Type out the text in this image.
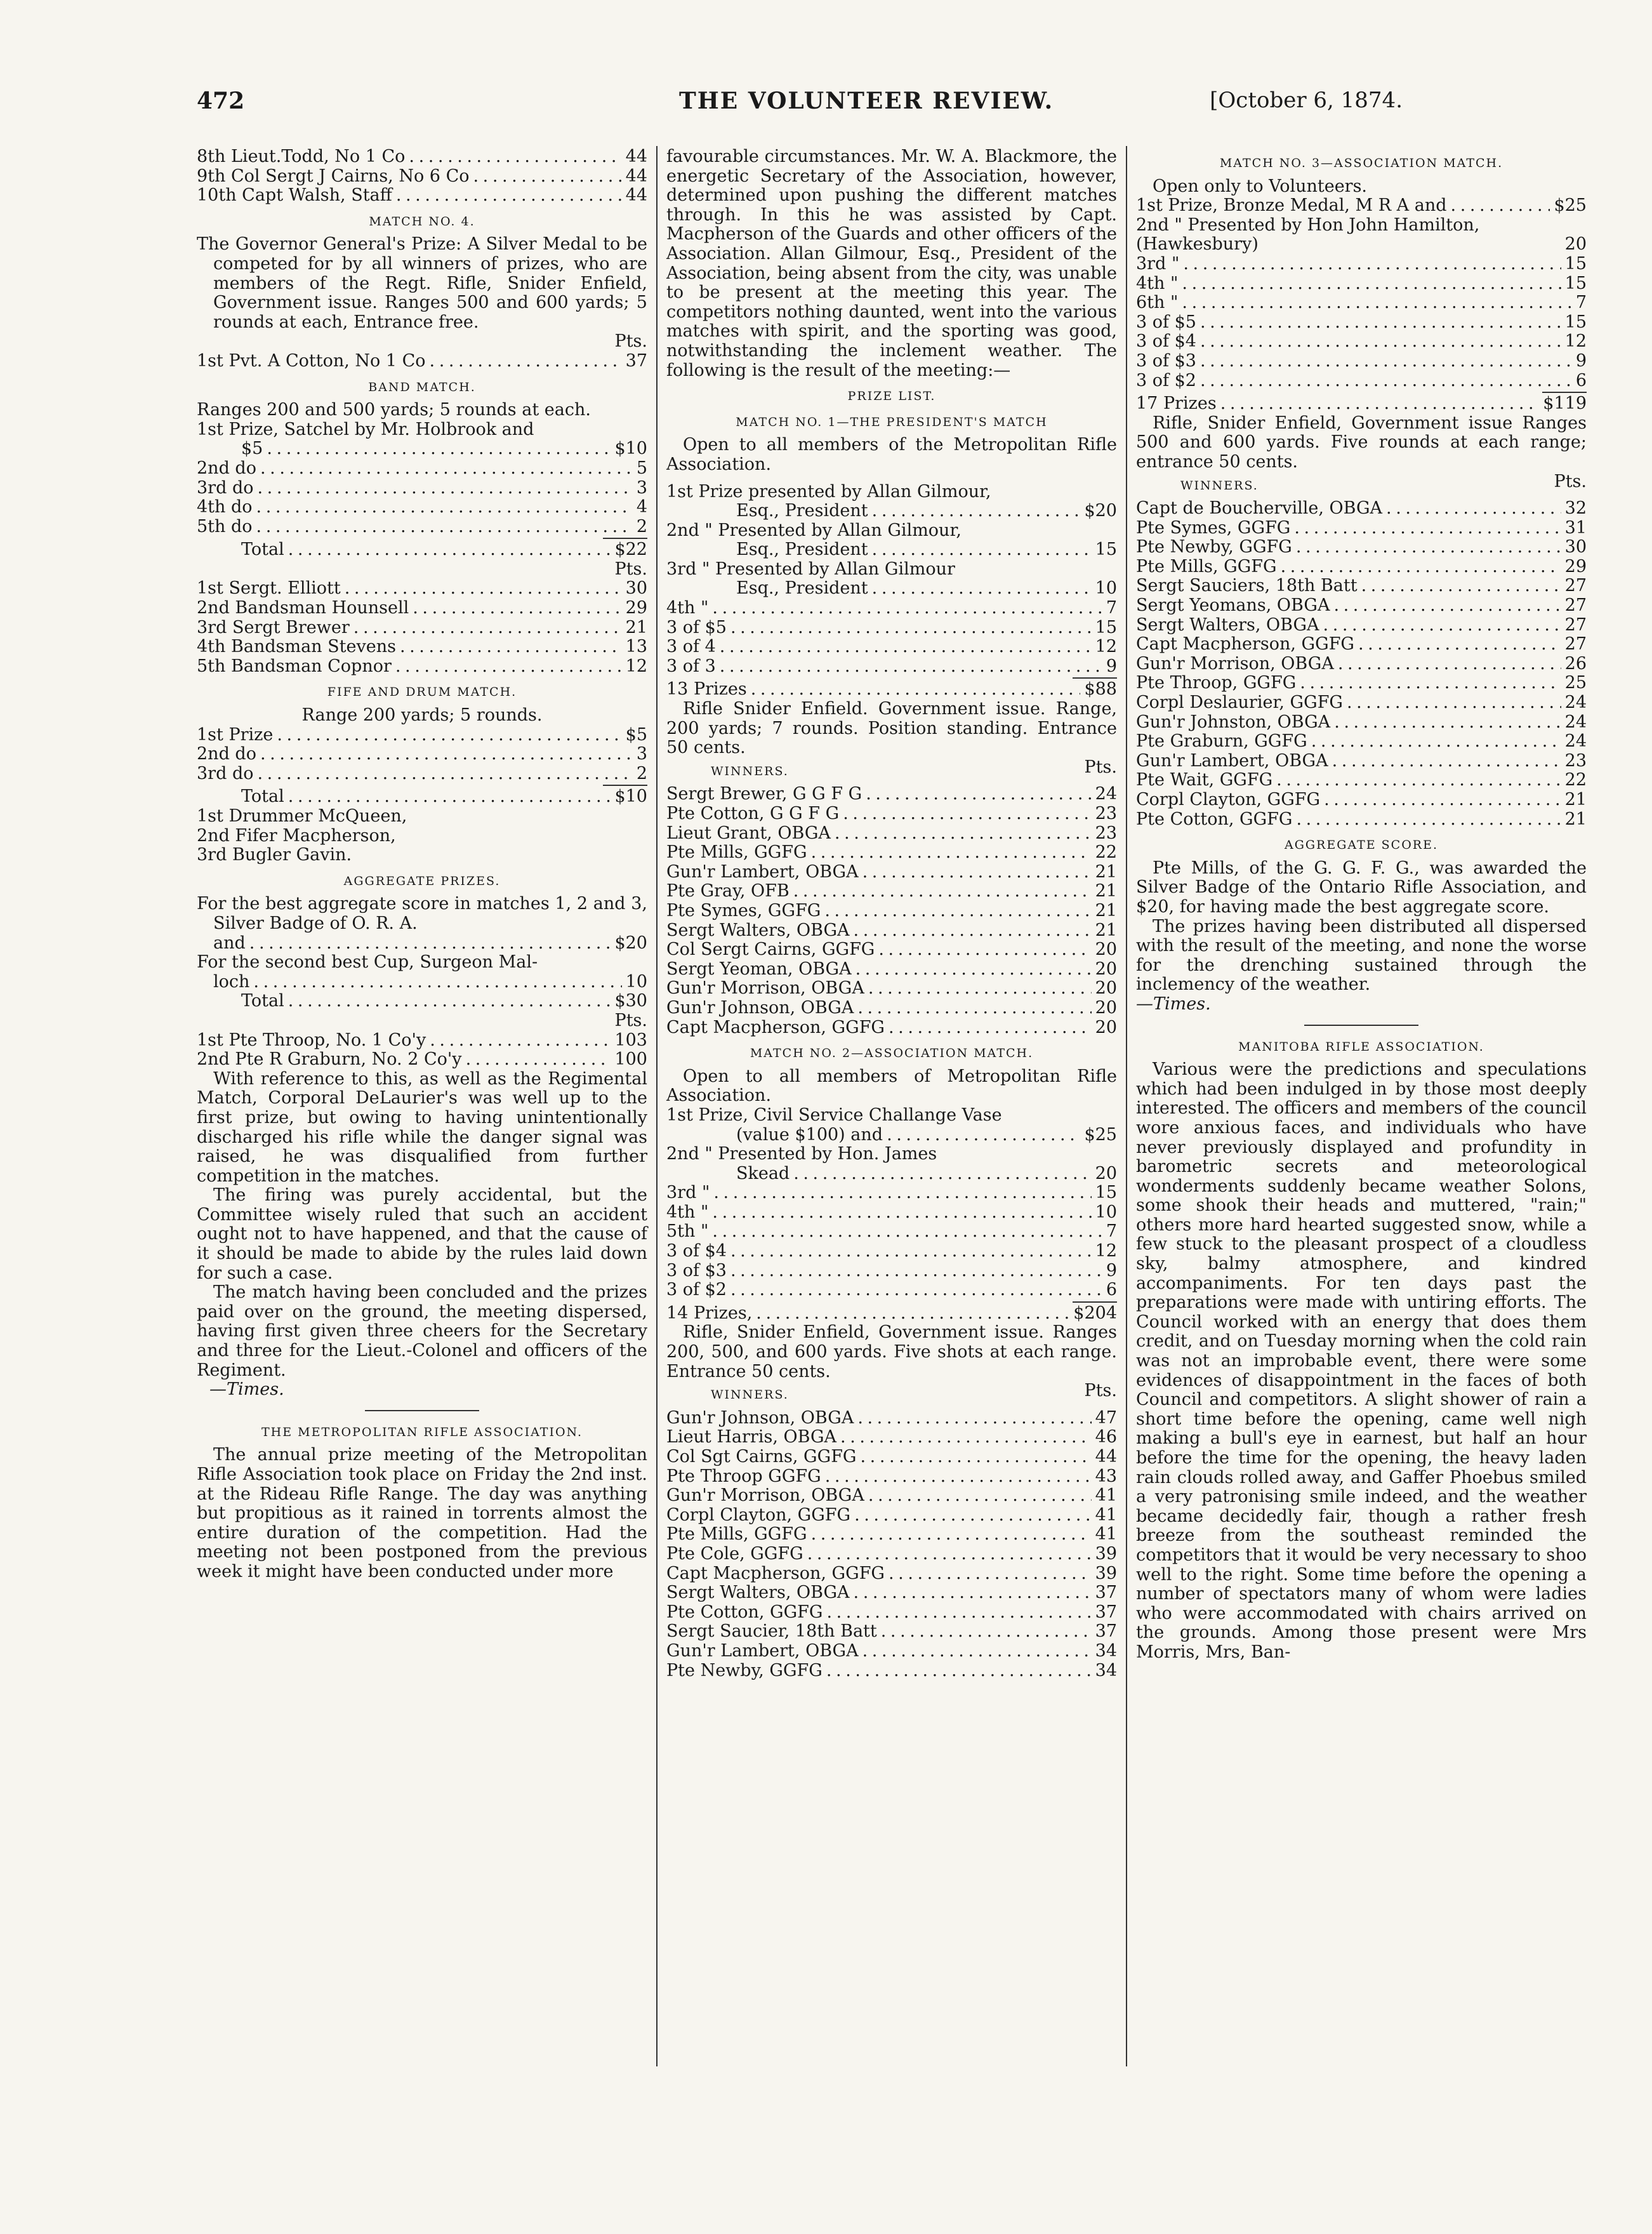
472	THE VOLUNTEER REVIEW.	[October 6, 1874.
8th Lieut.Todd, No 1 Co . . .	44
9th Col Sergt J Cairns, No 6 Co . . .	44
10th Capt Walsh, Staff . . .	44
MATCH NO. 4.

The Governor General's Prize: A Silver Medal to be competed for by all winners of prizes, who are members of the Regt. Rifle, Snider Enfield, Government issue. Ranges 500 and 600 yards; 5 rounds at each, Entrance free.

Pts.
1st Pvt. A Cotton, No 1 Co . . .	37
BAND MATCH.

Ranges 200 and 500 yards; 5 rounds at each.

1st Prize, Satchel by Mr. Holbrook and
$5 . . .	$10
2nd do . . .	5
3rd do . . .	3
4th do . . .	4
5th do . . .	2
Total . . .	$22
Pts.
1st Sergt. Elliott . . .	30
2nd Bandsman Hounsell . . .	29
3rd Sergt Brewer . . .	21
4th Bandsman Stevens . . .	13
5th Bandsman Copnor . . .	12
FIFE AND DRUM MATCH.
Range 200 yards; 5 rounds.
1st Prize . . .	$5
2nd do . . .	3
3rd do . . .	2
Total . . .	$10
1st Drummer McQueen,
2nd Fifer Macpherson,
3rd Bugler Gavin.
AGGREGATE PRIZES.

For the best aggregate score in matches 1, 2 and 3, Silver Badge of O. R. A.

and . . .	$20

For the second best Cup, Surgeon Mal-

loch . . .	10
Total . . .	$30
Pts.
1st Pte Throop, No. 1 Co'y . . .	103
2nd Pte R Graburn, No. 2 Co'y . . .	100

With reference to this, as well as the Regimental Match, Corporal DeLaurier's was well up to the first prize, but owing to having unintentionally discharged his rifle while the danger signal was raised, he was disqualified from further competition in the matches.

The firing was purely accidental, but the Committee wisely ruled that such an accident ought not to have happened, and that the cause of it should be made to abide by the rules laid down for such a case.

The match having been concluded and the prizes paid over on the ground, the meeting dispersed, having first given three cheers for the Secretary and three for the Lieut.-Colonel and officers of the Regiment.

—Times.
THE METROPOLITAN RIFLE ASSOCIATION.

The annual prize meeting of the Metropolitan Rifle Association took place on Friday the 2nd inst. at the Rideau Rifle Range. The day was anything but propitious as it rained in torrents almost the entire duration of the competition. Had the meeting not been postponed from the previous week it might have been conducted under more

favourable circumstances. Mr. W. A. Blackmore, the energetic Secretary of the Association, however, determined upon pushing the different matches through. In this he was assisted by Capt. Macpherson of the Guards and other officers of the Association. Allan Gilmour, Esq., President of the Association, being absent from the city, was unable to be present at the meeting this year. The competitors nothing daunted, went into the various matches with spirit, and the sporting was good, notwithstanding the inclement weather. The following is the result of the meeting:—

PRIZE LIST.
MATCH NO. 1—THE PRESIDENT'S MATCH

Open to all members of the Metropolitan Rifle Association.

1st Prize presented by Allan Gilmour,
Esq., President . . .	$20
2nd " Presented by Allan Gilmour,
Esq., President . . .	15
3rd " Presented by Allan Gilmour
Esq., President . . .	10
4th " . . .	7
3 of $5 . . .	15
3 of 4 . . .	12
3 of 3 . . .	9
13 Prizes . . .	$88

Rifle Snider Enfield. Government issue. Range, 200 yards; 7 rounds. Position standing. Entrance 50 cents.

WINNERS.	Pts.
Sergt Brewer, G G F G . . .	24
Pte Cotton, G G F G . . .	23
Lieut Grant, OBGA . . .	23
Pte Mills, GGFG . . .	22
Gun'r Lambert, OBGA . . .	21
Pte Gray, OFB . . .	21
Pte Symes, GGFG . . .	21
Sergt Walters, OBGA . . .	21
Col Sergt Cairns, GGFG . . .	20
Sergt Yeoman, OBGA . . .	20
Gun'r Morrison, OBGA . . .	20
Gun'r Johnson, OBGA . . .	20
Capt Macpherson, GGFG . . .	20
MATCH NO. 2—ASSOCIATION MATCH.

Open to all members of Metropolitan Rifle Association.

1st Prize, Civil Service Challange Vase
(value $100) and . . .	$25
2nd " Presented by Hon. James
Skead . . .	20
3rd " . . .	15
4th " . . .	10
5th " . . .	7
3 of $4 . . .	12
3 of $3 . . .	9
3 of $2 . . .	6
14 Prizes, . . .	$204

Rifle, Snider Enfield, Government issue. Ranges 200, 500, and 600 yards. Five shots at each range. Entrance 50 cents.

WINNERS.	Pts.
Gun'r Johnson, OBGA . . .	47
Lieut Harris, OBGA . . .	46
Col Sgt Cairns, GGFG . . .	44
Pte Throop GGFG . . .	43
Gun'r Morrison, OBGA . . .	41
Corpl Clayton, GGFG . . .	41
Pte Mills, GGFG . . .	41
Pte Cole, GGFG . . .	39
Capt Macpherson, GGFG . . .	39
Sergt Walters, OBGA . . .	37
Pte Cotton, GGFG . . .	37
Sergt Saucier, 18th Batt . . .	37
Gun'r Lambert, OBGA . . .	34
Pte Newby, GGFG . . .	34
MATCH NO. 3—ASSOCIATION MATCH.

Open only to Volunteers.

1st Prize, Bronze Medal, M R A and . . .	$25
2nd " Presented by Hon John Hamilton, (Hawkesbury)	20
3rd " . . .	15
4th " . . .	15
6th " . . .	7
3 of $5 . . .	15
3 of $4 . . .	12
3 of $3 . . .	9
3 of $2 . . .	6
17 Prizes . . .	$119

Rifle, Snider Enfield, Government issue Ranges 500 and 600 yards. Five rounds at each range; entrance 50 cents.

WINNERS.	Pts.
Capt de Boucherville, OBGA . . .	32
Pte Symes, GGFG . . .	31
Pte Newby, GGFG . . .	30
Pte Mills, GGFG . . .	29
Sergt Sauciers, 18th Batt . . .	27
Sergt Yeomans, OBGA . . .	27
Sergt Walters, OBGA . . .	27
Capt Macpherson, GGFG . . .	27
Gun'r Morrison, OBGA . . .	26
Pte Throop, GGFG . . .	25
Corpl Deslaurier, GGFG . . .	24
Gun'r Johnston, OBGA . . .	24
Pte Graburn, GGFG . . .	24
Gun'r Lambert, OBGA . . .	23
Pte Wait, GGFG . . .	22
Corpl Clayton, GGFG . . .	21
Pte Cotton, GGFG . . .	21
AGGREGATE SCORE.

Pte Mills, of the G. G. F. G., was awarded the Silver Badge of the Ontario Rifle Association, and $20, for having made the best aggregate score.

The prizes having been distributed all dispersed with the result of the meeting, and none the worse for the drenching sustained through the inclemency of the weather.

—Times.
MANITOBA RIFLE ASSOCIATION.

Various were the predictions and speculations which had been indulged in by those most deeply interested. The officers and members of the council wore anxious faces, and individuals who have never previously displayed and profundity in barometric secrets and meteorological wonderments suddenly became weather Solons, some shook their heads and muttered, "rain;" others more hard hearted suggested snow, while a few stuck to the pleasant prospect of a cloudless sky, balmy atmosphere, and kindred accompaniments. For ten days past the preparations were made with untiring efforts. The Council worked with an energy that does them credit, and on Tuesday morning when the cold rain was not an improbable event, there were some evidences of disappointment in the faces of both Council and competitors. A slight shower of rain a short time before the opening, came well nigh making a bull's eye in earnest, but half an hour before the time for the opening, the heavy laden rain clouds rolled away, and Gaffer Phoebus smiled a very patronising smile indeed, and the weather became decidedly fair, though a rather fresh breeze from the southeast reminded the competitors that it would be very necessary to shoo well to the right. Some time before the opening a number of spectators many of whom were ladies who were accommodated with chairs arrived on the grounds. Among those present were Mrs Morris, Mrs, Ban-
